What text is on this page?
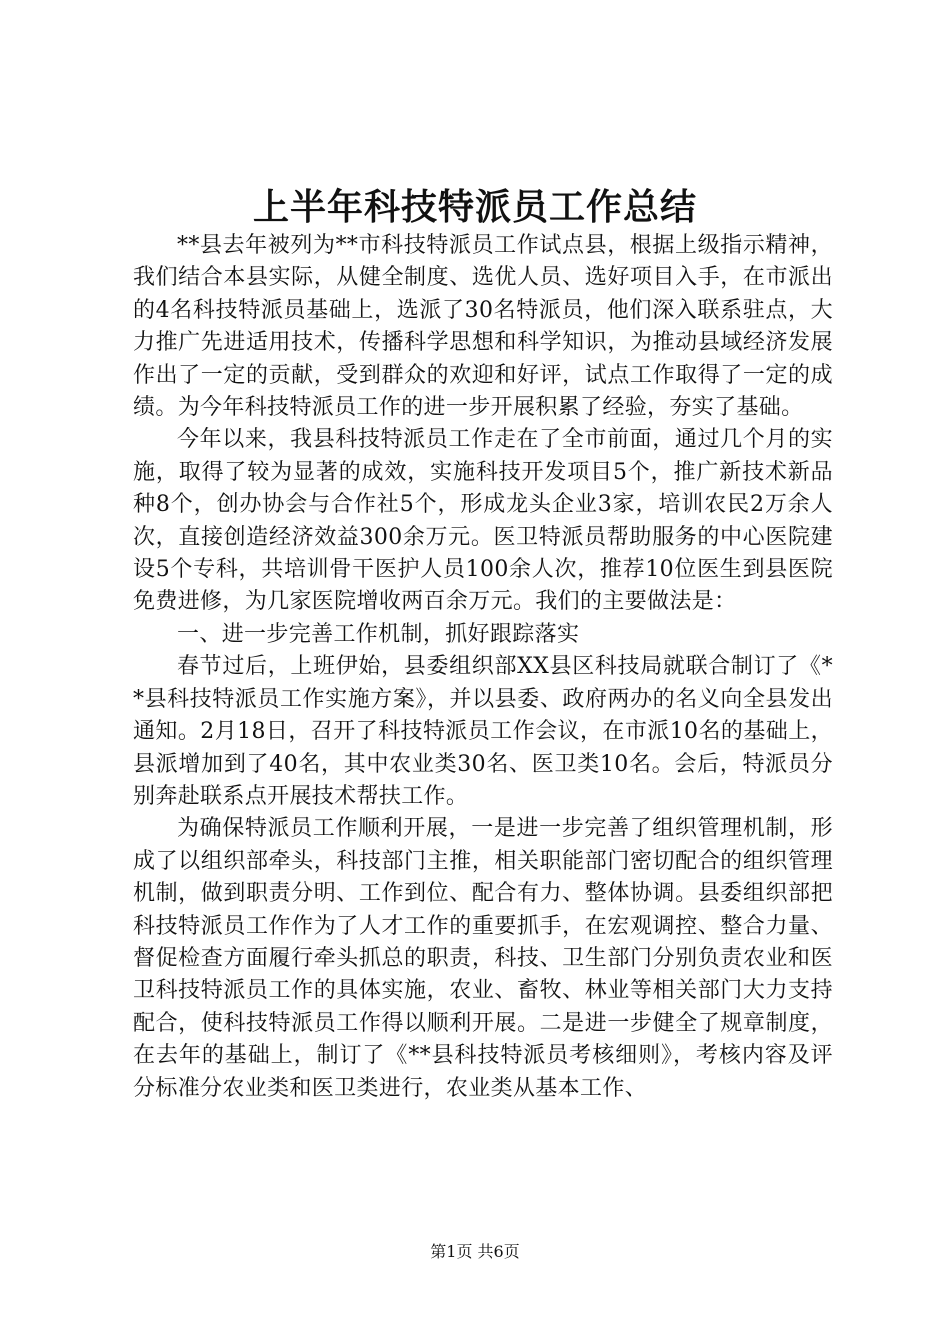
上半年科技特派员工作总结

**县去年被列为**市科技特派员工作试点县，根据上级指示精神，我们结合本县实际，从健全制度、选优人员、选好项目入手，在市派出的4名科技特派员基础上，选派了30名特派员，他们深入联系驻点，大力推广先进适用技术，传播科学思想和科学知识，为推动县域经济发展作出了一定的贡献，受到群众的欢迎和好评，试点工作取得了一定的成绩。为今年科技特派员工作的进一步开展积累了经验，夯实了基础。

今年以来，我县科技特派员工作走在了全市前面，通过几个月的实施，取得了较为显著的成效，实施科技开发项目5个，推广新技术新品种8个，创办协会与合作社5个，形成龙头企业3家，培训农民2万余人次，直接创造经济效益300余万元。医卫特派员帮助服务的中心医院建设5个专科，共培训骨干医护人员100余人次，推荐10位医生到县医院免费进修，为几家医院增收两百余万元。我们的主要做法是：

一、进一步完善工作机制，抓好跟踪落实

春节过后，上班伊始，县委组织部XX县区科技局就联合制订了《**县科技特派员工作实施方案》，并以县委、政府两办的名义向全县发出通知。2月18日，召开了科技特派员工作会议，在市派10名的基础上，县派增加到了40名，其中农业类30名、医卫类10名。会后，特派员分别奔赴联系点开展技术帮扶工作。

为确保特派员工作顺利开展，一是进一步完善了组织管理机制，形成了以组织部牵头，科技部门主推，相关职能部门密切配合的组织管理机制，做到职责分明、工作到位、配合有力、整体协调。县委组织部把科技特派员工作作为了人才工作的重要抓手，在宏观调控、整合力量、督促检查方面履行牵头抓总的职责，科技、卫生部门分别负责农业和医卫科技特派员工作的具体实施，农业、畜牧、林业等相关部门大力支持配合，使科技特派员工作得以顺利开展。二是进一步健全了规章制度，在去年的基础上，制订了《**县科技特派员考核细则》，考核内容及评分标准分农业类和医卫类进行，农业类从基本工作、

第1页 共6页
